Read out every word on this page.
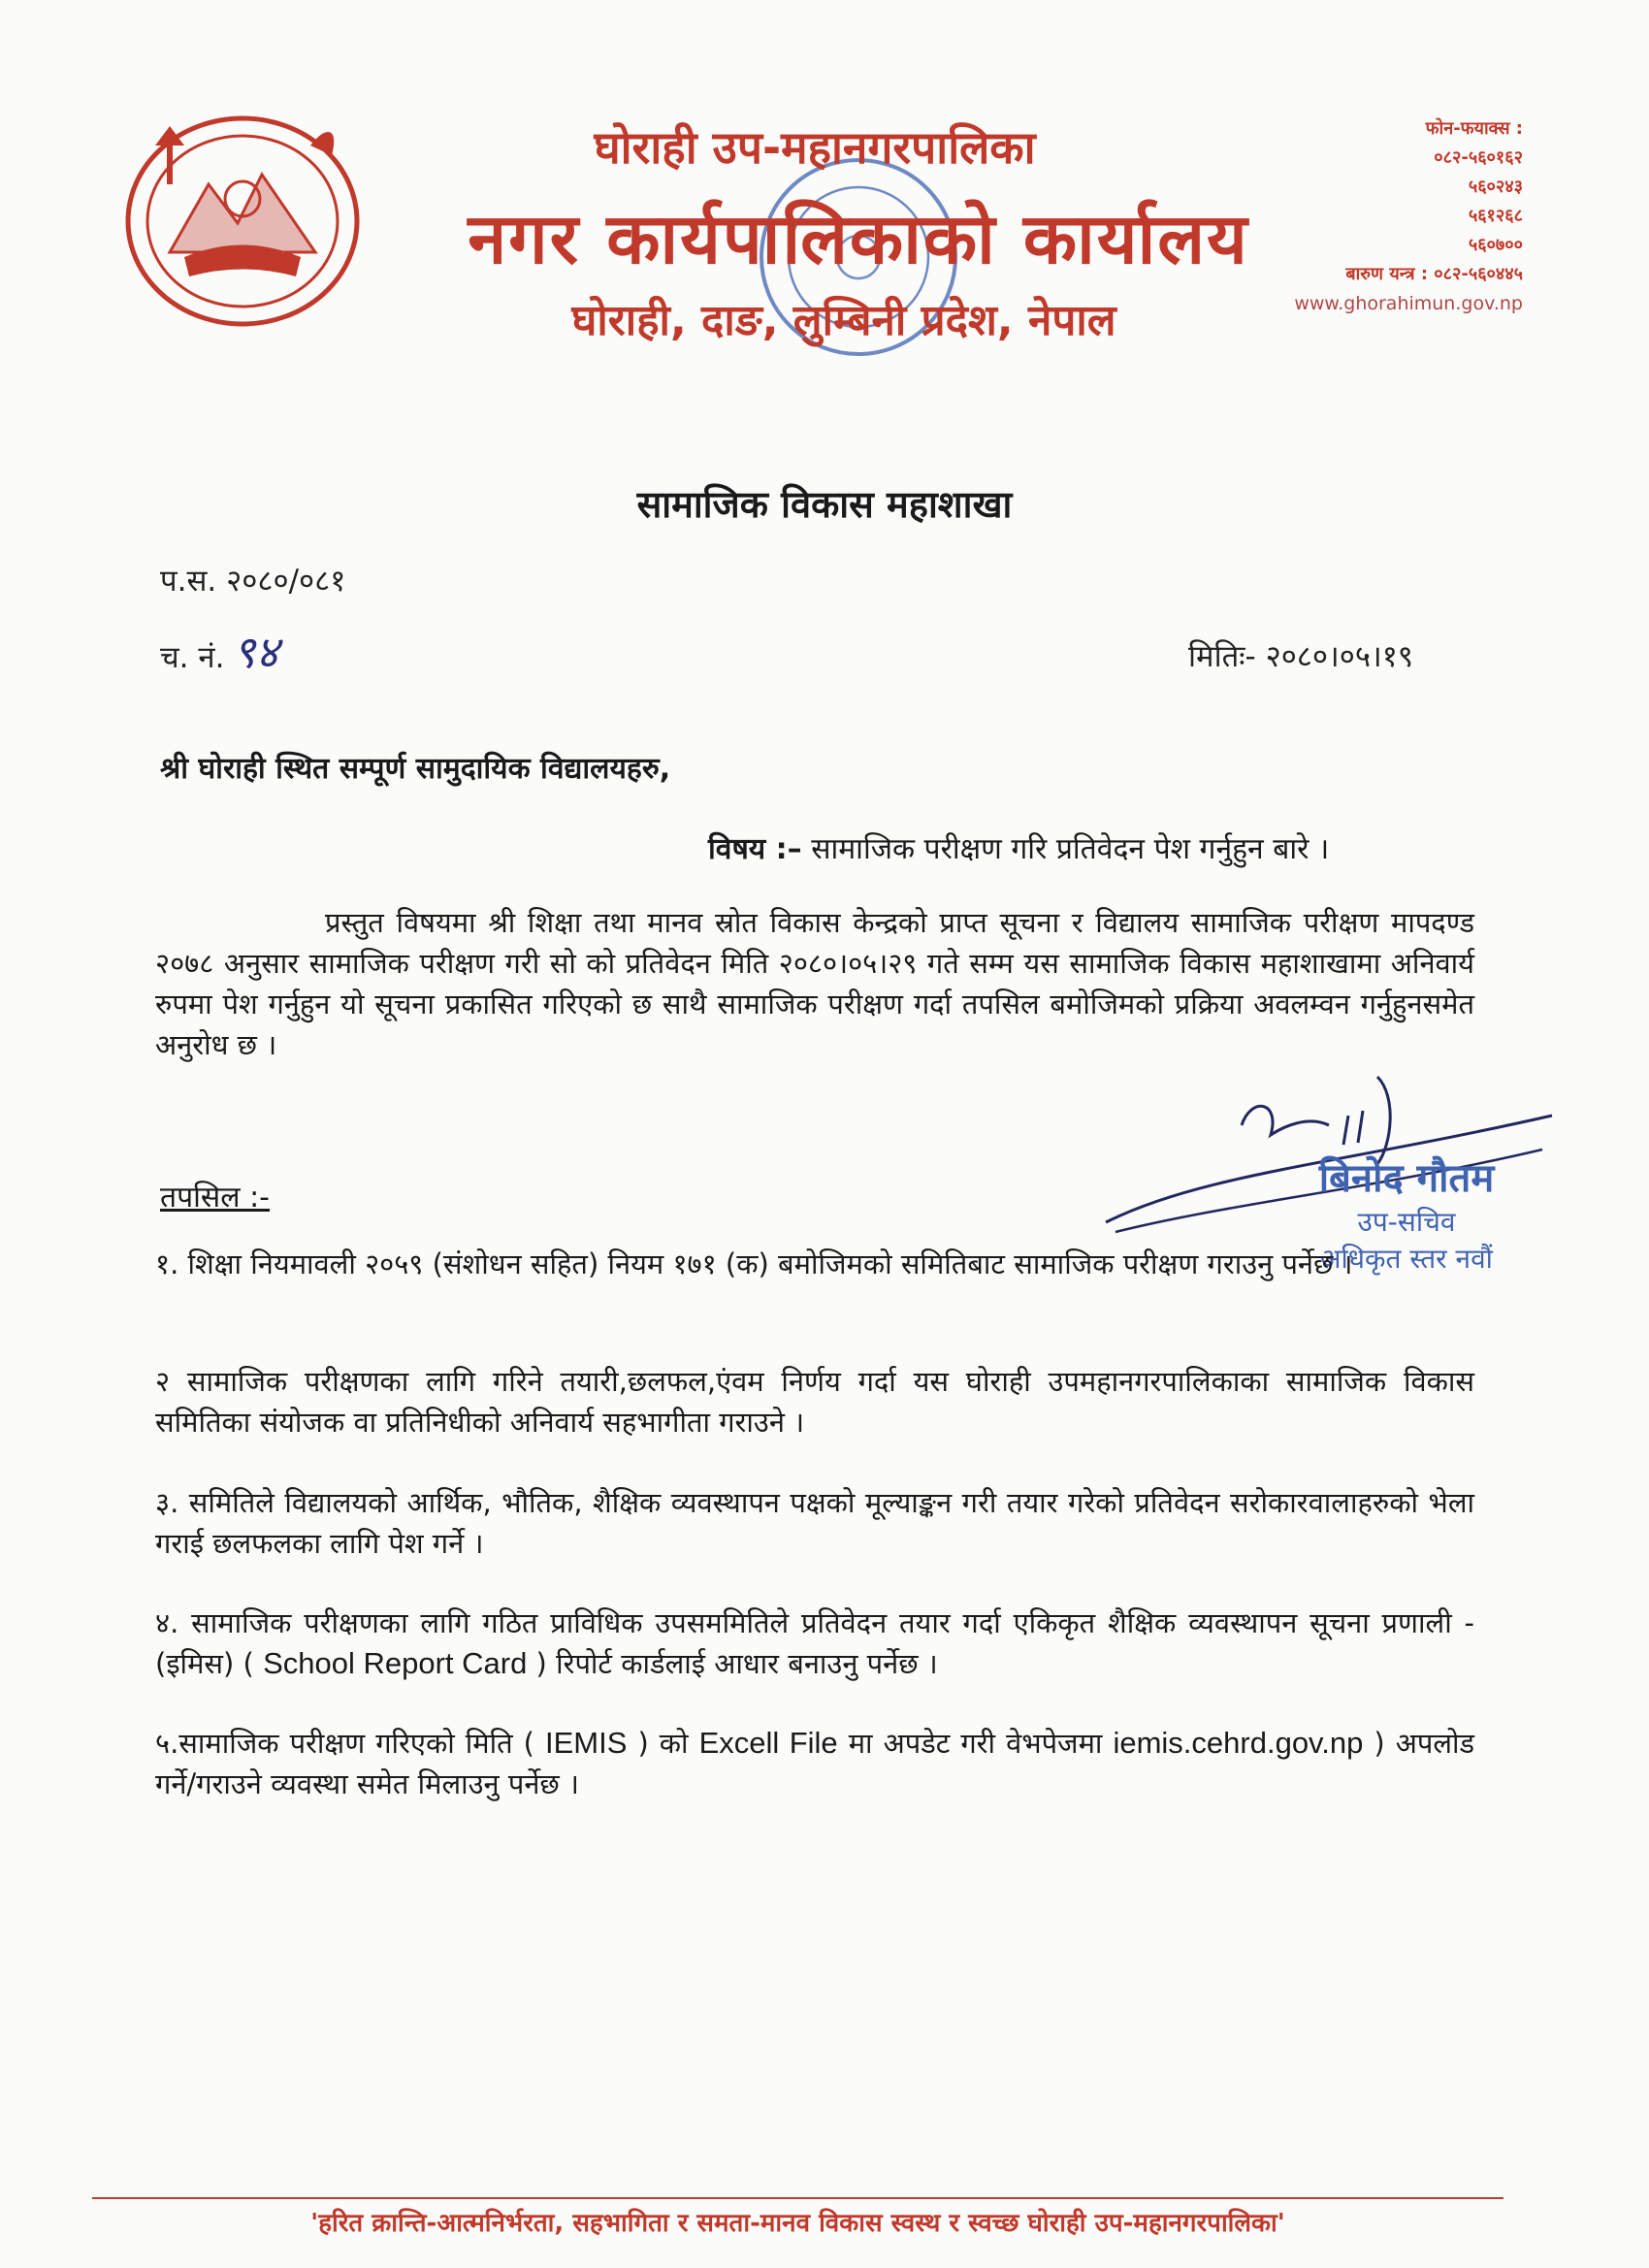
घोराही उप-महानगरपालिका
नगर कार्यपालिकाको कार्यालय
घोराही, दाङ, लुम्बिनी प्रदेश, नेपाल
फोन-फयाक्स :
०८२-५६०१६२
५६०२४३
५६१२६८
५६०७००
बारुण यन्त्र : ०८२-५६०४४५
www.ghorahimun.gov.np
सामाजिक विकास महाशाखा
प.स. २०८०/०८१
च. नं. ९४	मितिः- २०८०।०५।१९
श्री घोराही स्थित सम्पूर्ण सामुदायिक विद्यालयहरु,
विषय :– सामाजिक परीक्षण गरि प्रतिवेदन पेश गर्नुहुन बारे ।
प्रस्तुत विषयमा श्री शिक्षा तथा मानव स्रोत विकास केन्द्रको प्राप्त सूचना र विद्यालय सामाजिक परीक्षण मापदण्ड २०७८ अनुसार सामाजिक परीक्षण गरी सो को प्रतिवेदन मिति २०८०।०५।२९ गते सम्म यस सामाजिक विकास महाशाखामा अनिवार्य रुपमा पेश गर्नुहुन यो सूचना प्रकासित गरिएको छ साथै सामाजिक परीक्षण गर्दा तपसिल बमोजिमको प्रक्रिया अवलम्वन गर्नुहुनसमेत अनुरोध छ ।
बिनोद गौतम
उप-सचिव
अधिकृत स्तर नवौं
तपसिल :-
१. शिक्षा नियमावली २०५९ (संशोधन सहित) नियम १७१ (क) बमोजिमको समितिबाट सामाजिक परीक्षण गराउनु पर्नेछ ।
२ सामाजिक परीक्षणका लागि गरिने तयारी,छलफल,एंवम निर्णय गर्दा यस घोराही उपमहानगरपालिकाका सामाजिक विकास समितिका संयोजक वा प्रतिनिधीको अनिवार्य सहभागीता गराउने ।
३. समितिले विद्यालयको आर्थिक, भौतिक, शैक्षिक व्यवस्थापन पक्षको मूल्याङ्कन गरी तयार गरेको प्रतिवेदन सरोकारवालाहरुको भेला गराई छलफलका लागि पेश गर्ने ।
४. सामाजिक परीक्षणका लागि गठित प्राविधिक उपसममितिले प्रतिवेदन तयार गर्दा एकिकृत शैक्षिक व्यवस्थापन सूचना प्रणाली -(इमिस) ( School Report Card ) रिपोर्ट कार्डलाई आधार बनाउनु पर्नेछ ।
५.सामाजिक परीक्षण गरिएको मिति ( IEMIS ) को Excell File मा अपडेट गरी वेभपेजमा iemis.cehrd.gov.np ) अपलोड गर्ने/गराउने व्यवस्था समेत मिलाउनु पर्नेछ ।
'हरित क्रान्ति-आत्मनिर्भरता, सहभागिता र समता-मानव विकास स्वस्थ र स्वच्छ घोराही उप-महानगरपालिका'
